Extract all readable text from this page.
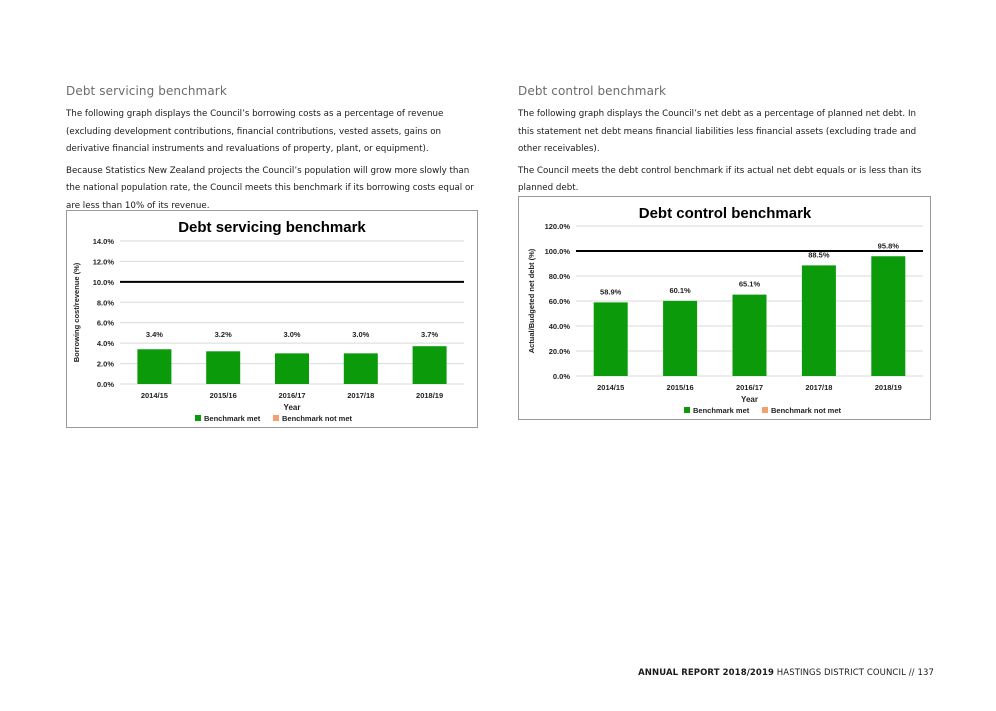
Debt servicing benchmark

The following graph displays the Council’s borrowing costs as a percentage of revenue (excluding development contributions, financial contributions, vested assets, gains on derivative financial instruments and revaluations of property, plant, or equipment).

Because Statistics New Zealand projects the Council’s population will grow more slowly than the national population rate, the Council meets this benchmark if its borrowing costs equal or are less than 10% of its revenue.

Debt control benchmark

The following graph displays the Council’s net debt as a percentage of planned net debt. In this statement net debt means financial liabilities less financial assets (excluding trade and other receivables).

The Council meets the debt control benchmark if its actual net debt equals or is less than its planned debt.

Debt servicing benchmark
0.0%
2.0%
4.0%
6.0%
8.0%
10.0%
12.0%
14.0%
2014/15
3.4%
2015/16
3.2%
2016/17
3.0%
2017/18
3.0%
2018/19
3.7%
Year
Borrowing cost/revenue (%)
Benchmark met	Benchmark not met
Debt control benchmark
0.0%
20.0%
40.0%
60.0%
80.0%
100.0%
120.0%
2014/15
58.9%
2015/16
60.1%
2016/17
65.1%
2017/18
88.5%
2018/19
95.8%
Year
Actual/Budgeted net debt (%)
Benchmark met	Benchmark not met
ANNUAL REPORT 2018/2019 HASTINGS DISTRICT COUNCIL // 137
